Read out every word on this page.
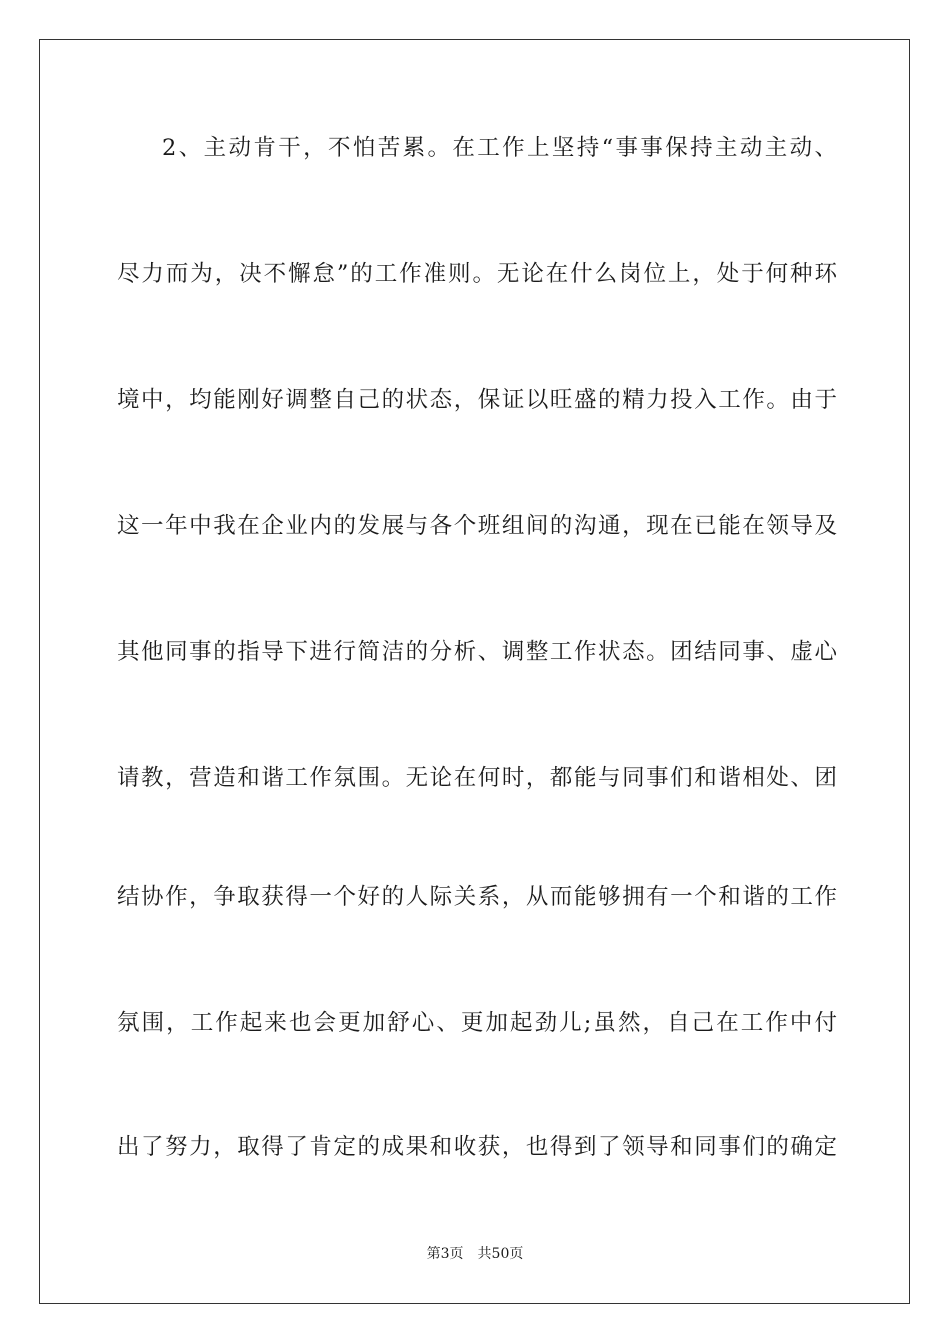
2、主动肯干，不怕苦累。在工作上坚持“事事保持主动主动、
尽力而为，决不懈怠”的工作准则。无论在什么岗位上，处于何种环
境中，均能刚好调整自己的状态，保证以旺盛的精力投入工作。由于
这一年中我在企业内的发展与各个班组间的沟通，现在已能在领导及
其他同事的指导下进行简洁的分析、调整工作状态。团结同事、虚心
请教，营造和谐工作氛围。无论在何时，都能与同事们和谐相处、团
结协作，争取获得一个好的人际关系，从而能够拥有一个和谐的工作
氛围，工作起来也会更加舒心、更加起劲儿;虽然，自己在工作中付
出了努力，取得了肯定的成果和收获，也得到了领导和同事们的确定
第3页 共50页
